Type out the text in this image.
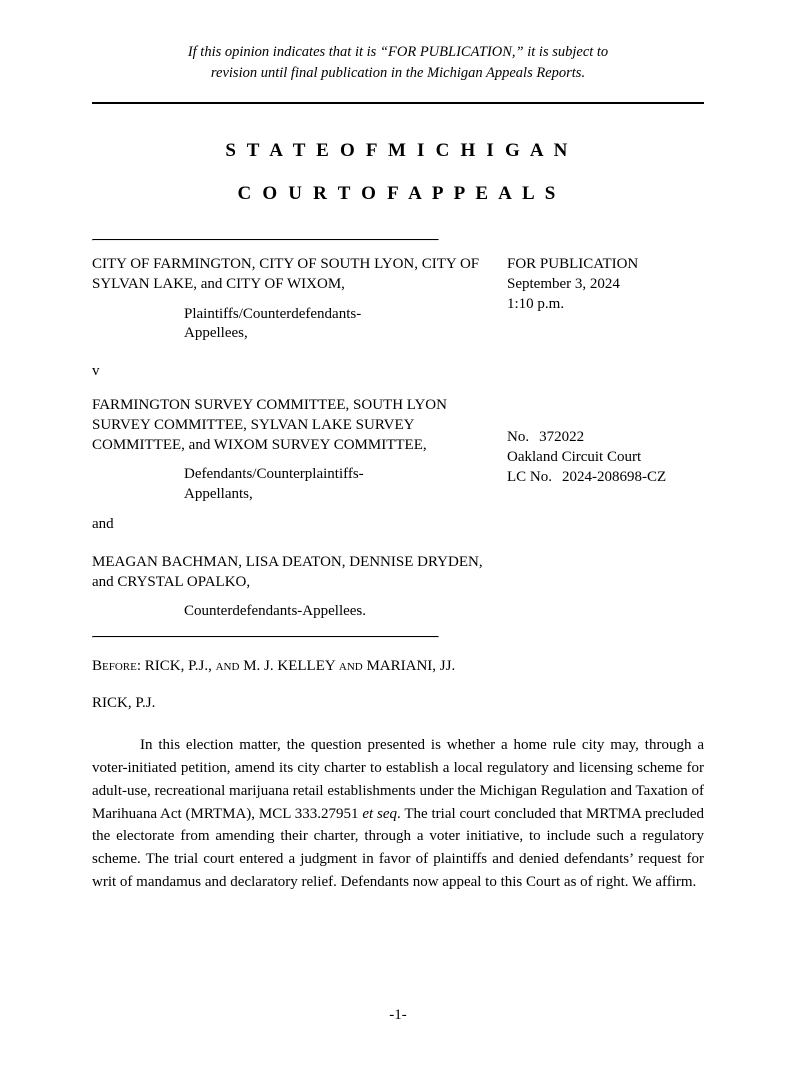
If this opinion indicates that it is “FOR PUBLICATION,” it is subject to
revision until final publication in the Michigan Appeals Reports.
S T A T E O F M I C H I G A N
C O U R T O F A P P E A L S
CITY OF FARMINGTON, CITY OF SOUTH LYON, CITY OF SYLVAN LAKE, and CITY OF WIXOM,
Plaintiffs/Counterdefendants-
Appellees,
v
FARMINGTON SURVEY COMMITTEE, SOUTH LYON SURVEY COMMITTEE, SYLVAN LAKE SURVEY COMMITTEE, and WIXOM SURVEY COMMITTEE,
Defendants/Counterplaintiffs-
Appellants,
and
MEAGAN BACHMAN, LISA DEATON, DENNISE DRYDEN, and CRYSTAL OPALKO,
Counterdefendants-Appellees.
FOR PUBLICATION
September 3, 2024
1:10 p.m.
No. 372022
Oakland Circuit Court
LC No. 2024-208698-CZ
Before: RICK, P.J., and M. J. KELLEY and MARIANI, JJ.
RICK, P.J.

In this election matter, the question presented is whether a home rule city may, through a voter-initiated petition, amend its city charter to establish a local regulatory and licensing scheme for adult-use, recreational marijuana retail establishments under the Michigan Regulation and Taxation of Marihuana Act (MRTMA), MCL 333.27951 et seq. The trial court concluded that MRTMA precluded the electorate from amending their charter, through a voter initiative, to include such a regulatory scheme. The trial court entered a judgment in favor of plaintiffs and denied defendants’ request for writ of mandamus and declaratory relief. Defendants now appeal to this Court as of right. We affirm.

-1-
